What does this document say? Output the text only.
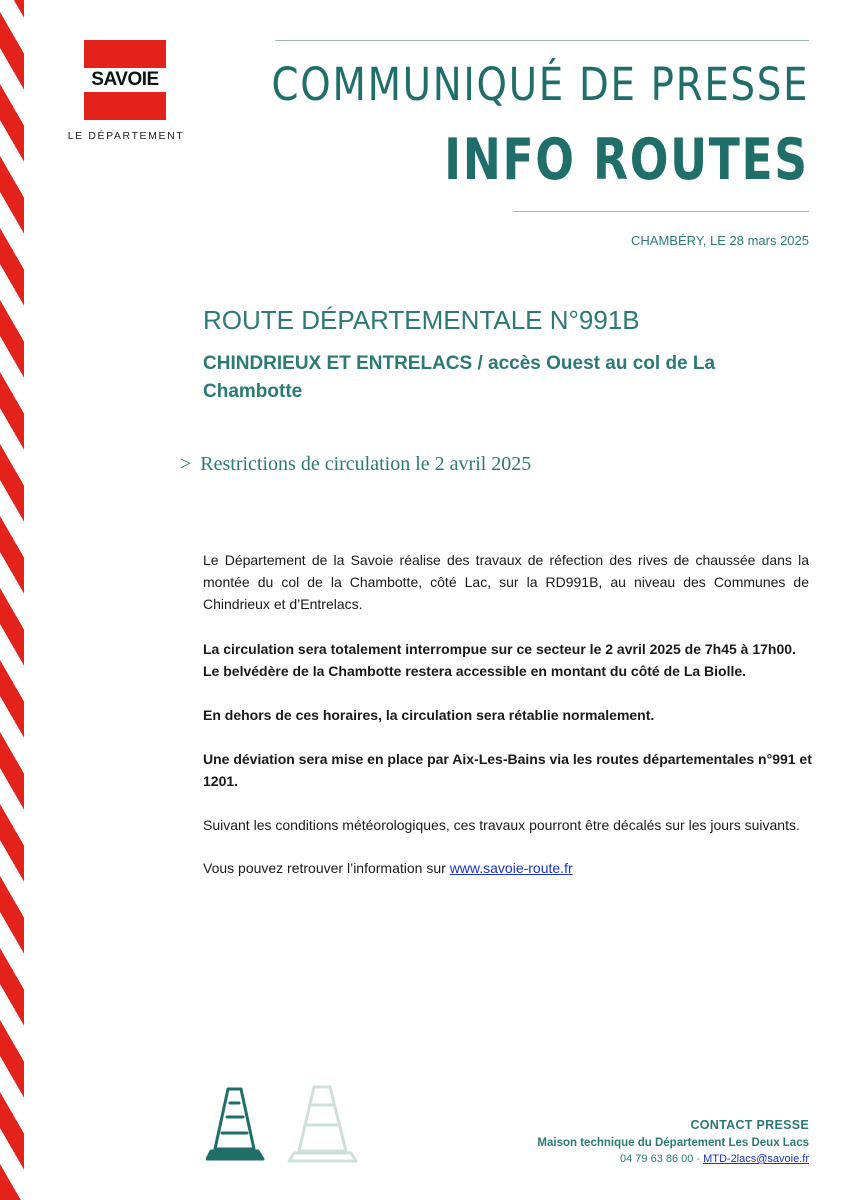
SAVOIE
LE DÉPARTEMENT
COMMUNIQUÉ DE PRESSE
INFO ROUTES
CHAMBÉRY, LE 28 mars 2025
ROUTE DÉPARTEMENTALE N°991B
CHINDRIEUX ET ENTRELACS / accès Ouest au col de La Chambotte
> Restrictions de circulation le 2 avril 2025

Le Département de la Savoie réalise des travaux de réfection des rives de chaussée dans la montée du col de la Chambotte, côté Lac, sur la RD991B, au niveau des Communes de Chindrieux et d’Entrelacs.

La circulation sera totalement interrompue sur ce secteur le 2 avril 2025 de 7h45 à 17h00.
Le belvédère de la Chambotte restera accessible en montant du côté de La Biolle.

En dehors de ces horaires, la circulation sera rétablie normalement.

Une déviation sera mise en place par Aix-Les-Bains via les routes départementales n°991 et 1201.

Suivant les conditions météorologiques, ces travaux pourront être décalés sur les jours suivants.

Vous pouvez retrouver l’information sur www.savoie-route.fr

CONTACT PRESSE
Maison technique du Département Les Deux Lacs
04 79 63 86 00 - MTD-2lacs@savoie.fr
